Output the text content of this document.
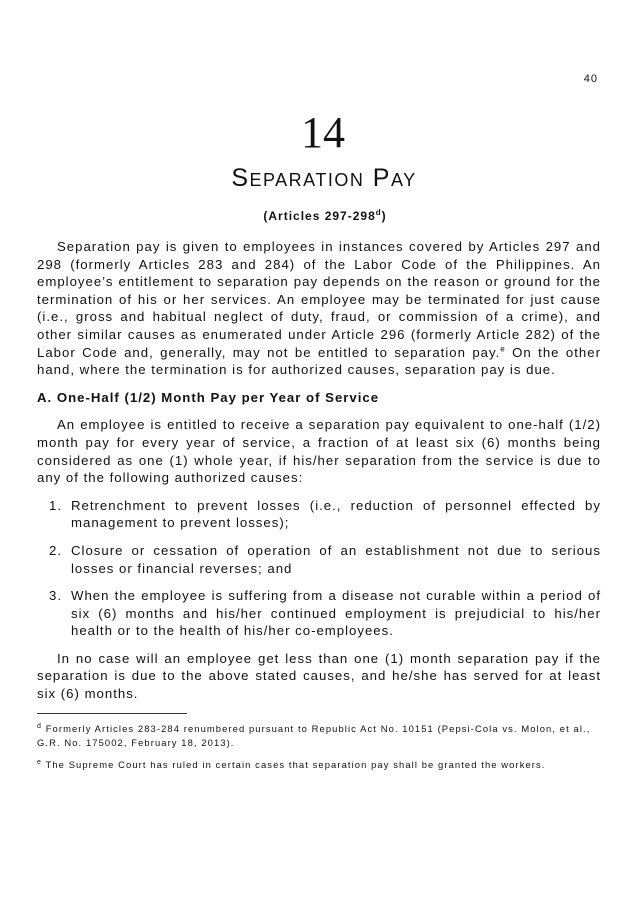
40
14
Separation Pay
(Articles 297-298$^d$)

Separation pay is given to employees in instances covered by Articles 297 and 298 (formerly Articles 283 and 284) of the Labor Code of the Philippines. An employee’s entitlement to separation pay depends on the reason or ground for the termination of his or her services. An employee may be terminated for just cause (i.e., gross and habitual neglect of duty, fraud, or commission of a crime), and other similar causes as enumerated under Article 296 (formerly Article 282) of the Labor Code and, generally, may not be entitled to separation pay.$^e$ On the other hand, where the termination is for authorized causes, separation pay is due.

A. One-Half (1/2) Month Pay per Year of Service

An employee is entitled to receive a separation pay equivalent to one-half (1/2) month pay for every year of service, a fraction of at least six (6) months being considered as one (1) whole year, if his/her separation from the service is due to any of the following authorized causes:

1. Retrenchment to prevent losses (i.e., reduction of personnel effected by management to prevent losses);
2. Closure or cessation of operation of an establishment not due to serious losses or financial reverses; and
3. When the employee is suffering from a disease not curable within a period of six (6) months and his/her continued employment is prejudicial to his/her health or to the health of his/her co-employees.

In no case will an employee get less than one (1) month separation pay if the separation is due to the above stated causes, and he/she has served for at least six (6) months.

$^d$ Formerly Articles 283-284 renumbered pursuant to Republic Act No. 10151 (Pepsi-Cola vs. Molon, et al., G.R. No. 175002, February 18, 2013).
$^e$ The Supreme Court has ruled in certain cases that separation pay shall be granted the workers.
